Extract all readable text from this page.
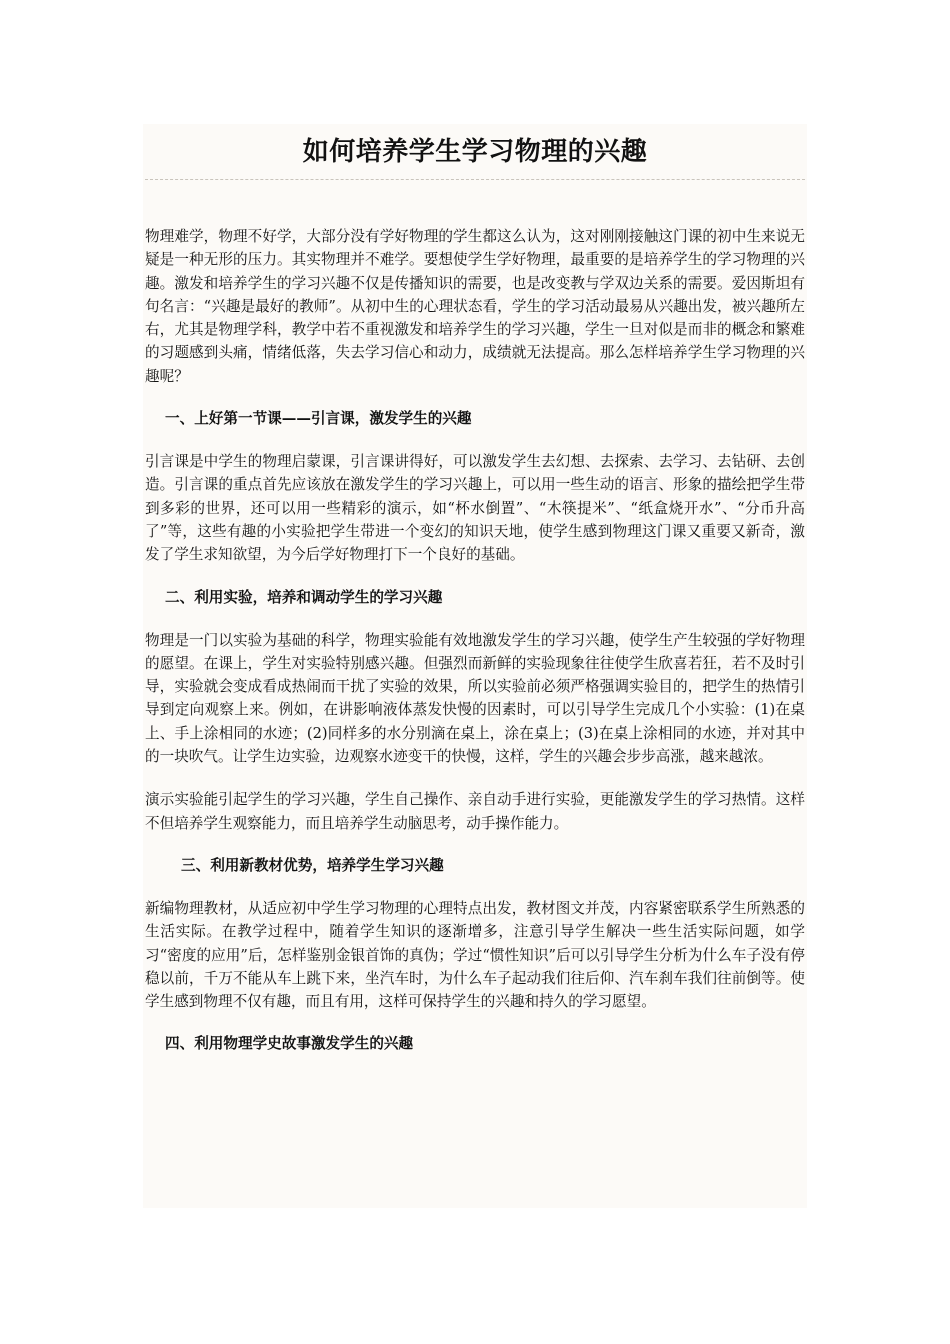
如何培养学生学习物理的兴趣

物理难学，物理不好学，大部分没有学好物理的学生都这么认为，这对刚刚接触这门课的初中生来说无疑是一种无形的压力。其实物理并不难学。要想使学生学好物理，最重要的是培养学生的学习物理的兴趣。激发和培养学生的学习兴趣不仅是传播知识的需要，也是改变教与学双边关系的需要。爱因斯坦有句名言：“兴趣是最好的教师”。从初中生的心理状态看，学生的学习活动最易从兴趣出发，被兴趣所左右，尤其是物理学科，教学中若不重视激发和培养学生的学习兴趣，学生一旦对似是而非的概念和繁难的习题感到头痛，情绪低落，失去学习信心和动力，成绩就无法提高。那么怎样培养学生学习物理的兴趣呢？

一、上好第一节课——引言课，激发学生的兴趣

引言课是中学生的物理启蒙课，引言课讲得好，可以激发学生去幻想、去探索、去学习、去钻研、去创造。引言课的重点首先应该放在激发学生的学习兴趣上，可以用一些生动的语言、形象的描绘把学生带到多彩的世界，还可以用一些精彩的演示，如“杯水倒置”、“木筷提米”、“纸盒烧开水”、“分币升高了”等，这些有趣的小实验把学生带进一个变幻的知识天地，使学生感到物理这门课又重要又新奇，激发了学生求知欲望，为今后学好物理打下一个良好的基础。

二、利用实验，培养和调动学生的学习兴趣

物理是一门以实验为基础的科学，物理实验能有效地激发学生的学习兴趣，使学生产生较强的学好物理的愿望。在课上，学生对实验特别感兴趣。但强烈而新鲜的实验现象往往使学生欣喜若狂，若不及时引导，实验就会变成看成热闹而干扰了实验的效果，所以实验前必须严格强调实验目的，把学生的热情引导到定向观察上来。例如，在讲影响液体蒸发快慢的因素时，可以引导学生完成几个小实验：(1)在桌上、手上涂相同的水迹；(2)同样多的水分别滴在桌上，涂在桌上；(3)在桌上涂相同的水迹，并对其中的一块吹气。让学生边实验，边观察水迹变干的快慢，这样，学生的兴趣会步步高涨，越来越浓。

演示实验能引起学生的学习兴趣，学生自己操作、亲自动手进行实验，更能激发学生的学习热情。这样不但培养学生观察能力，而且培养学生动脑思考，动手操作能力。

三、利用新教材优势，培养学生学习兴趣

新编物理教材，从适应初中学生学习物理的心理特点出发，教材图文并茂，内容紧密联系学生所熟悉的生活实际。在教学过程中，随着学生知识的逐渐增多，注意引导学生解决一些生活实际问题，如学习“密度的应用”后，怎样鉴别金银首饰的真伪；学过“惯性知识”后可以引导学生分析为什么车子没有停稳以前，千万不能从车上跳下来，坐汽车时，为什么车子起动我们往后仰、汽车刹车我们往前倒等。使学生感到物理不仅有趣，而且有用，这样可保持学生的兴趣和持久的学习愿望。

四、利用物理学史故事激发学生的兴趣
